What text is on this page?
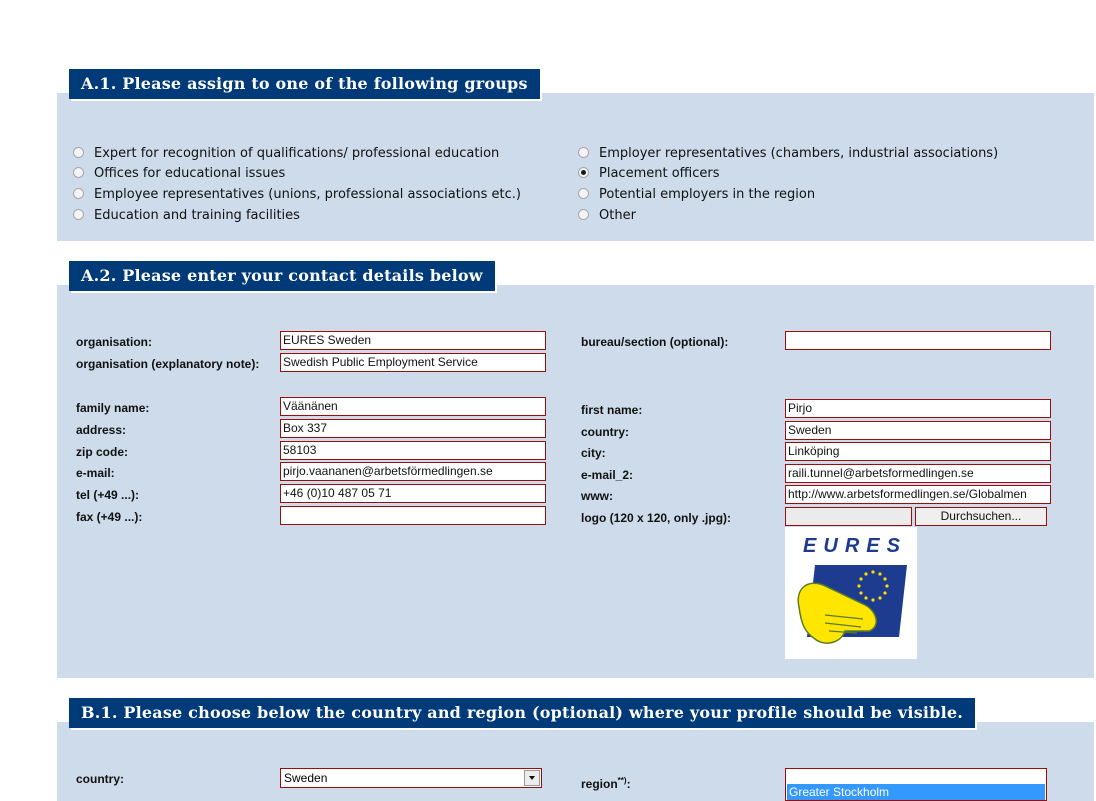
A.1. Please assign to one of the following groups
Expert for recognition of qualifications/ professional education
Offices for educational issues
Employee representatives (unions, professional associations etc.)
Education and training facilities
Employer representatives (chambers, industrial associations)
Placement officers
Potential employers in the region
Other
A.2. Please enter your contact details below
organisation:	EURES Sweden
organisation (explanatory note): Swedish Public Employment Service
family name:	Väänänen
address:	Box 337
zip code:	58103
e-mail:	pirjo.vaananen@arbetsförmedlingen.se
tel (+49 ...):	+46 (0)10 487 05 71
fax (+49 ...):
bureau/section (optional):
first name:	Pirjo
country:	Sweden
city:	Linköping
e-mail_2:	raili.tunnel@arbetsformedlingen.se
www:	http://www.arbetsformedlingen.se/Globalmen
logo (120 x 120, only .jpg):	Durchsuchen...
EURES
B.1. Please choose below the country and region (optional) where your profile should be visible.
country:	Sweden	region**):
Greater Stockholm
